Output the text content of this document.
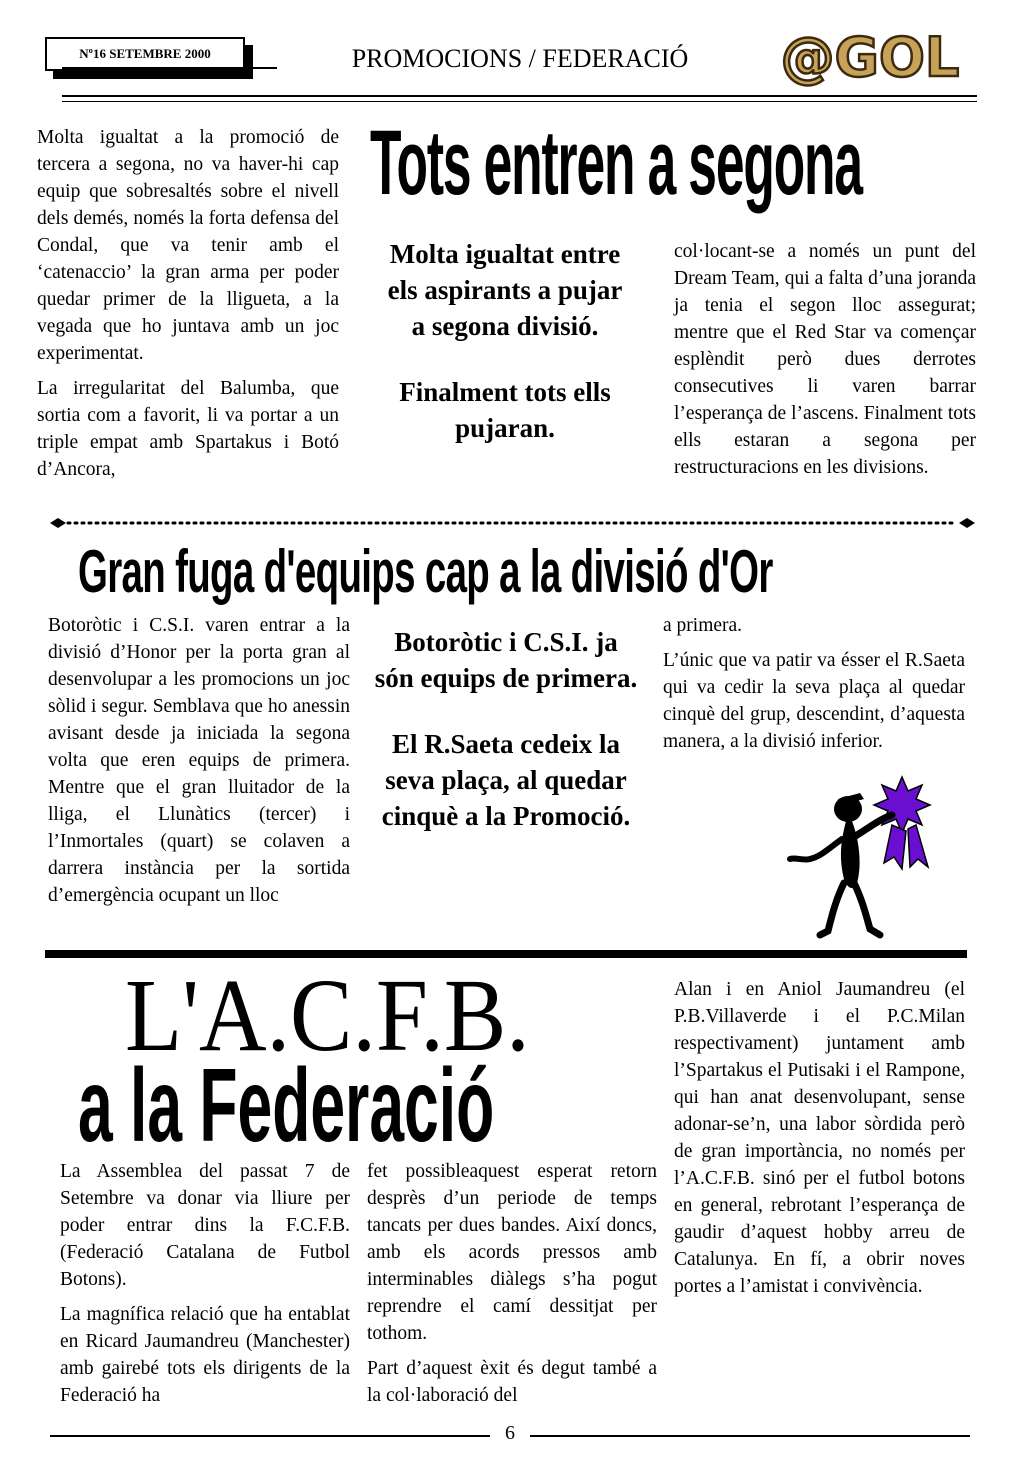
Nº16 SETEMBRE 2000	PROMOCIONS / FEDERACIÓ	@GOL
Tots entren a segona

Molta igualtat a la promoció de tercera a segona, no va haver-hi cap equip que sobresaltés sobre el nivell dels demés, només la forta defensa del Condal, que va tenir amb el ‘catenaccio’ la gran arma per poder quedar primer de la lligueta, a la vegada que ho juntava amb un joc experimentat.

La irregularitat del Balumba, que sortia com a favorit, li va portar a un triple empat amb Spartakus i Botó d’Ancora,

Molta igualtat entre els aspirants a pujar a segona divisió.

Finalment tots ells pujaran.

col·locant-se a només un punt del Dream Team, qui a falta d’una joranda ja tenia el segon lloc assegurat; mentre que el Red Star va començar esplèndit però dues derrotes consecutives li varen barrar l’esperança de l’ascens. Finalment tots ells estaran a segona per restructuracions en les divisions.

Gran fuga d'equips cap a la divisió d'Or

Botoròtic i C.S.I. varen entrar a la divisió d’Honor per la porta gran al desenvolupar a les promocions un joc sòlid i segur. Semblava que ho anessin avisant desde ja iniciada la segona volta que eren equips de primera. Mentre que el gran lluitador de la lliga, el Llunàtics (tercer) i l’Inmortales (quart) se colaven a darrera instància per la sortida d’emergència ocupant un lloc

Botoròtic i C.S.I. ja són equips de primera.

El R.Saeta cedeix la seva plaça, al quedar cinquè a la Promoció.

a primera.

L’únic que va patir va ésser el R.Saeta qui va cedir la seva plaça al quedar cinquè del grup, descendint, d’aquesta manera, a la divisió inferior.

L'A.C.F.B.
a la Federació

La Assemblea del passat 7 de Setembre va donar via lliure per poder entrar dins la F.C.F.B. (Federació Catalana de Futbol Botons).

La magnífica relació que ha entablat en Ricard Jaumandreu (Manchester) amb gairebé tots els dirigents de la Federació ha

fet possibleaquest esperat retorn desprès d’un periode de temps tancats per dues bandes. Així doncs, amb els acords pressos amb interminables diàlegs s’ha pogut reprendre el camí dessitjat per tothom.

Part d’aquest èxit és degut també a la col·laboració del

Alan i en Aniol Jaumandreu (el P.B.Villaverde i el P.C.Milan respectivament) juntament amb l’Spartakus el Putisaki i el Rampone, qui han anat desenvolupant, sense adonar-se’n, una labor sòrdida però de gran importància, no només per l’A.C.F.B. sinó per el futbol botons en general, rebrotant l’esperança de gaudir d’aquest hobby arreu de Catalunya. En fí, a obrir noves portes a l’amistat i convivència.

6
